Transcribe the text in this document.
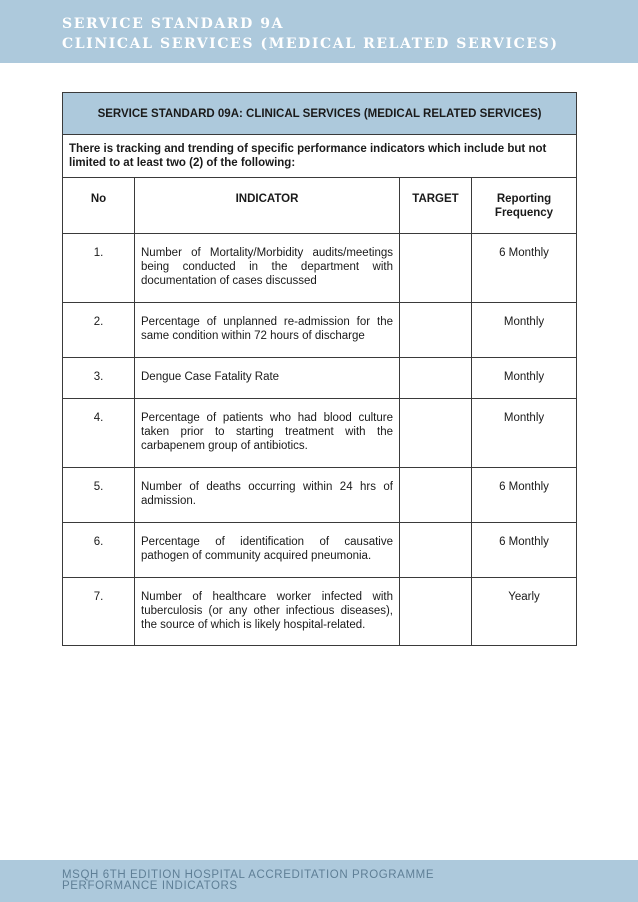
SERVICE STANDARD 9A
CLINICAL SERVICES (MEDICAL RELATED SERVICES)
SERVICE STANDARD 09A: CLINICAL SERVICES (MEDICAL RELATED SERVICES)			
There is tracking and trending of specific performance indicators which include but not limited to at least two (2) of the following:			
No	INDICATOR	TARGET	Reporting Frequency
1.	Number of Mortality/Morbidity audits/meetings being conducted in the department with documentation of cases discussed		6 Monthly
2.	Percentage of unplanned re-admission for the same condition within 72 hours of discharge		Monthly
3.	Dengue Case Fatality Rate		Monthly
4.	Percentage of patients who had blood culture taken prior to starting treatment with the carbapenem group of antibiotics.		Monthly
5.	Number of deaths occurring within 24 hrs of admission.		6 Monthly
6.	Percentage of identification of causative pathogen of community acquired pneumonia.		6 Monthly
7.	Number of healthcare worker infected with tuberculosis (or any other infectious diseases), the source of which is likely hospital-related.		Yearly
MSQH 6TH EDITION HOSPITAL ACCREDITATION PROGRAMME
PERFORMANCE INDICATORS
